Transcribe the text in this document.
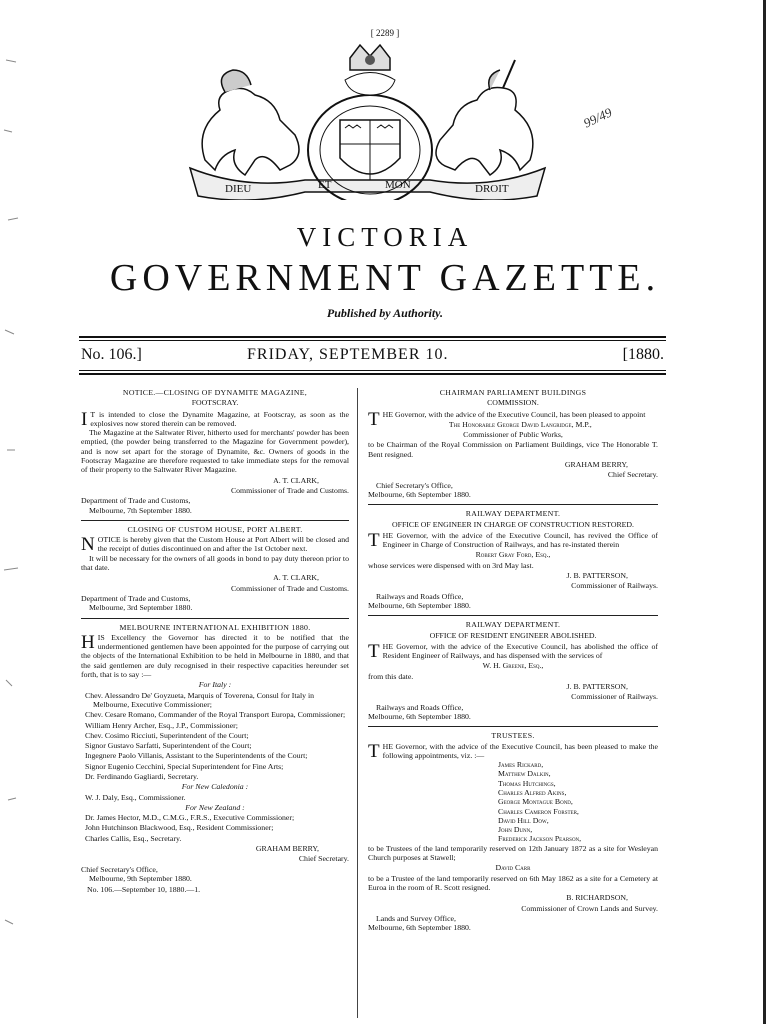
[ 2289 ]
DIEU	ET	MON	DROIT
99/49
VICTORIA
GOVERNMENT GAZETTE.
Published by Authority.
No. 106.]	FRIDAY, SEPTEMBER 10.	[1880.
NOTICE.—CLOSING OF DYNAMITE MAGAZINE,
FOOTSCRAY.

I T is intended to close the Dynamite Magazine, at Footscray, as soon as the explosives now stored therein can be removed.

The Magazine at the Saltwater River, hitherto used for merchants' powder has been emptied, (the powder being transferred to the Magazine for Government powder), and is now set apart for the storage of Dynamite, &c. Owners of goods in the Footscray Magazine are therefore requested to take immediate steps for the removal of their property to the Saltwater River Magazine.

A. T. CLARK,
Commissioner of Trade and Customs.
Department of Trade and Customs,
Melbourne, 7th September 1880.
CLOSING OF CUSTOM HOUSE, PORT ALBERT.

NOTICE is hereby given that the Custom House at Port Albert will be closed and the receipt of duties discontinued on and after the 1st October next.

It will be necessary for the owners of all goods in bond to pay duty thereon prior to that date.

A. T. CLARK,
Commissioner of Trade and Customs.
Department of Trade and Customs,
Melbourne, 3rd September 1880.
MELBOURNE INTERNATIONAL EXHIBITION 1880.

HIS Excellency the Governor has directed it to be notified that the undermentioned gentlemen have been appointed for the purpose of carrying out the objects of the International Exhibition to be held in Melbourne in 1880, and that the said gentlemen are duly recognised in their respective capacities hereunder set forth, that is to say :—

For Italy :
Chev. Alessandro De' Goyzueta, Marquis of Toverena, Consul for Italy in Melbourne, Executive Commissioner;
Chev. Cesare Romano, Commander of the Royal Transport Europa, Commissioner;
William Henry Archer, Esq., J.P., Commissioner;
Chev. Cosimo Ricciuti, Superintendent of the Court;
Signor Gustavo Sarfatti, Superintendent of the Court;
Ingegnere Paolo Villanis, Assistant to the Superintendents of the Court;
Signor Eugenio Cecchini, Special Superintendent for Fine Arts;
Dr. Ferdinando Gagliardi, Secretary.
For New Caledonia :
W. J. Daly, Esq., Commissioner.
For New Zealand :
Dr. James Hector, M.D., C.M.G., F.R.S., Executive Commissioner;
John Hutchinson Blackwood, Esq., Resident Commissioner;
Charles Callis, Esq., Secretary.
GRAHAM BERRY,
Chief Secretary.
Chief Secretary's Office,
Melbourne, 9th September 1880.
No. 106.—September 10, 1880.—1.
CHAIRMAN PARLIAMENT BUILDINGS
COMMISSION.

THE Governor, with the advice of the Executive Council, has been pleased to appoint

The Honorable George David Langridge, M.P.,
Commissioner of Public Works,

to be Chairman of the Royal Commission on Parliament Buildings, vice The Honorable T. Bent resigned.

GRAHAM BERRY,
Chief Secretary.
Chief Secretary's Office,
Melbourne, 6th September 1880.
RAILWAY DEPARTMENT.
OFFICE OF ENGINEER IN CHARGE OF CONSTRUCTION RESTORED.

THE Governor, with the advice of the Executive Council, has revived the Office of Engineer in Charge of Construction of Railways, and has re-instated therein

Robert Gray Ford, Esq.,

whose services were dispensed with on 3rd May last.

J. B. PATTERSON,
Commissioner of Railways.
Railways and Roads Office,
Melbourne, 6th September 1880.
RAILWAY DEPARTMENT.
OFFICE OF RESIDENT ENGINEER ABOLISHED.

THE Governor, with the advice of the Executive Council, has abolished the office of Resident Engineer of Railways, and has dispensed with the services of

W. H. Greene, Esq.,

from this date.

J. B. PATTERSON,
Commissioner of Railways.
Railways and Roads Office,
Melbourne, 6th September 1880.
TRUSTEES.

THE Governor, with the advice of the Executive Council, has been pleased to make the following appointments, viz. :—

James Rickard,
Matthew Dalkin,
Thomas Hutchings,
Charles Alfred Akins,
George Montague Bond,
Charles Cameron Forster,
David Hill Dow,
John Dunn,
Frederick Jackson Pearson,

to be Trustees of the land temporarily reserved on 12th January 1872 as a site for Wesleyan Church purposes at Stawell;

David Carr

to be a Trustee of the land temporarily reserved on 6th May 1862 as a site for a Cemetery at Euroa in the room of R. Scott resigned.

B. RICHARDSON,
Commissioner of Crown Lands and Survey.
Lands and Survey Office,
Melbourne, 6th September 1880.
